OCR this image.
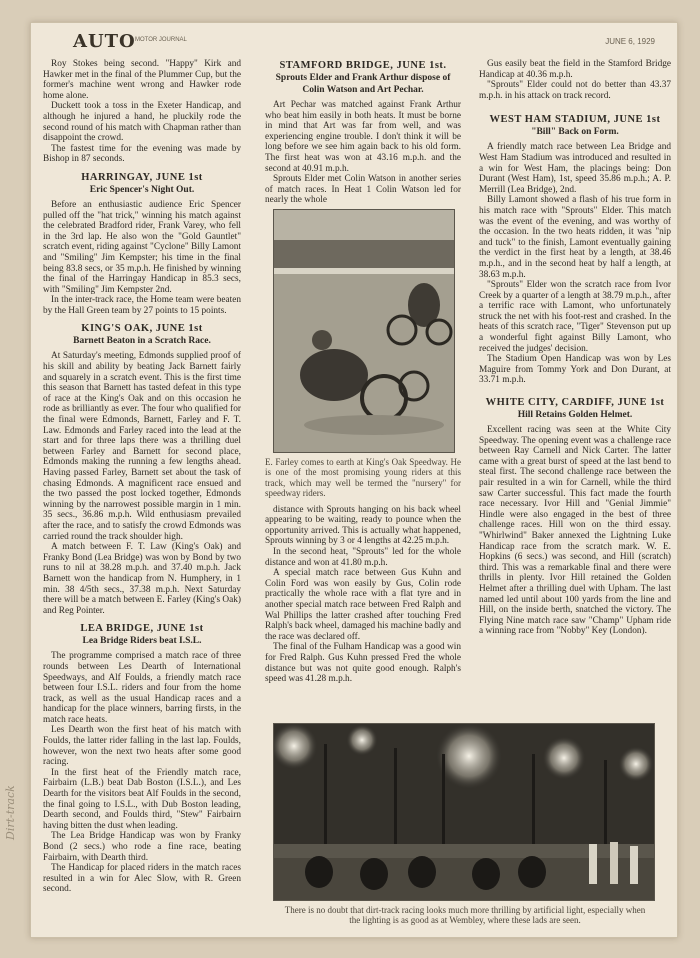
AUTO MOTOR JOURNAL	JUNE 6, 1929

Roy Stokes being second. "Happy" Kirk and Hawker met in the final of the Plummer Cup, but the former's machine went wrong and Hawker rode home alone.

Duckett took a toss in the Exeter Handicap, and although he injured a hand, he pluckily rode the second round of his match with Chapman rather than disappoint the crowd.

The fastest time for the evening was made by Bishop in 87 seconds.

HARRINGAY, JUNE 1st
Eric Spencer's Night Out.

Before an enthusiastic audience Eric Spencer pulled off the "hat trick," winning his match against the celebrated Bradford rider, Frank Varey, who fell in the 3rd lap. He also won the "Gold Gauntlet" scratch event, riding against "Cyclone" Billy Lamont and "Smiling" Jim Kempster; his time in the final being 83.8 secs, or 35 m.p.h. He finished by winning the final of the Harringay Handicap in 85.3 secs, with "Smiling" Jim Kempster 2nd.

In the inter-track race, the Home team were beaten by the Hall Green team by 27 points to 15 points.

KING'S OAK, JUNE 1st
Barnett Beaton in a Scratch Race.

At Saturday's meeting, Edmonds supplied proof of his skill and ability by beating Jack Barnett fairly and squarely in a scratch event. This is the first time this season that Barnett has tasted defeat in this type of race at the King's Oak and on this occasion he rode as brilliantly as ever. The four who qualified for the final were Edmonds, Barnett, Farley and F. T. Law. Edmonds and Farley raced into the lead at the start and for three laps there was a thrilling duel between Farley and Barnett for second place, Edmonds making the running a few lengths ahead. Having passed Farley, Barnett set about the task of chasing Edmonds. A magnificent race ensued and the two passed the post locked together, Edmonds winning by the narrowest possible margin in 1 min. 35 secs., 36.86 m.p.h. Wild enthusiasm prevailed after the race, and to satisfy the crowd Edmonds was carried round the track shoulder high.

A match between F. T. Law (King's Oak) and Franky Bond (Lea Bridge) was won by Bond by two runs to nil at 38.28 m.p.h. and 37.40 m.p.h. Jack Barnett won the handicap from N. Humphery, in 1 min. 38 4/5th secs., 37.38 m.p.h. Next Saturday there will be a match between E. Farley (King's Oak) and Reg Pointer.

LEA BRIDGE, JUNE 1st
Lea Bridge Riders beat I.S.L.

The programme comprised a match race of three rounds between Les Dearth of International Speedways, and Alf Foulds, a friendly match race between four I.S.L. riders and four from the home track, as well as the usual Handicap races and a handicap for the place winners, barring firsts, in the match race heats.

Les Dearth won the first heat of his match with Foulds, the latter rider falling in the last lap. Foulds, however, won the next two heats after some good racing.

In the first heat of the Friendly match race, Fairbairn (L.B.) beat Dab Boston (I.S.L.), and Les Dearth for the visitors beat Alf Foulds in the second, the final going to I.S.L., with Dub Boston leading, Dearth second, and Foulds third, "Stew" Fairbairn having bitten the dust when leading.

The Lea Bridge Handicap was won by Franky Bond (2 secs.) who rode a fine race, beating Fairbairn, with Dearth third.

The Handicap for placed riders in the match races resulted in a win for Alec Slow, with R. Green second.

STAMFORD BRIDGE, JUNE 1st.
Sprouts Elder and Frank Arthur dispose of Colin Watson and Art Pechar.

Art Pechar was matched against Frank Arthur who beat him easily in both heats. It must be borne in mind that Art was far from well, and was experiencing engine trouble. I don't think it will be long before we see him again back to his old form. The first heat was won at 43.16 m.p.h. and the second at 40.91 m.p.h.

Sprouts Elder met Colin Watson in another series of match races. In Heat 1 Colin Watson led for nearly the whole

E. Farley comes to earth at King's Oak Speedway. He is one of the most promising young riders at this track, which may well be termed the "nursery" for speedway riders.

distance with Sprouts hanging on his back wheel appearing to be waiting, ready to pounce when the opportunity arrived. This is actually what happened, Sprouts winning by 3 or 4 lengths at 42.25 m.p.h.

In the second heat, "Sprouts" led for the whole distance and won at 41.80 m.p.h.

A special match race between Gus Kuhn and Colin Ford was won easily by Gus, Colin rode practically the whole race with a flat tyre and in another special match race between Fred Ralph and Wal Phillips the latter crashed after touching Fred Ralph's back wheel, damaged his machine badly and the race was declared off.

The final of the Fulham Handicap was a good win for Fred Ralph. Gus Kuhn pressed Fred the whole distance but was not quite good enough. Ralph's speed was 41.28 m.p.h.

Gus easily beat the field in the Stamford Bridge Handicap at 40.36 m.p.h.

"Sprouts" Elder could not do better than 43.37 m.p.h. in his attack on track record.

WEST HAM STADIUM, JUNE 1st
"Bill" Back on Form.

A friendly match race between Lea Bridge and West Ham Stadium was introduced and resulted in a win for West Ham, the placings being: Don Durant (West Ham), 1st, speed 35.86 m.p.h.; A. P. Merrill (Lea Bridge), 2nd.

Billy Lamont showed a flash of his true form in his match race with "Sprouts" Elder. This match was the event of the evening, and was worthy of the occasion. In the two heats ridden, it was "nip and tuck" to the finish, Lamont eventually gaining the verdict in the first heat by a length, at 38.46 m.p.h., and in the second heat by half a length, at 38.63 m.p.h.

"Sprouts" Elder won the scratch race from Ivor Creek by a quarter of a length at 38.79 m.p.h., after a terrific race with Lamont, who unfortunately struck the net with his foot-rest and crashed. In the heats of this scratch race, "Tiger" Stevenson put up a wonderful fight against Billy Lamont, who received the judges' decision.

The Stadium Open Handicap was won by Les Maguire from Tommy York and Don Durant, at 33.71 m.p.h.

WHITE CITY, CARDIFF, JUNE 1st
Hill Retains Golden Helmet.

Excellent racing was seen at the White City Speedway. The opening event was a challenge race between Ray Carnell and Nick Carter. The latter came with a great burst of speed at the last bend to steal first. The second challenge race between the pair resulted in a win for Carnell, while the third saw Carter successful. This fact made the fourth race necessary. Ivor Hill and "Genial Jimmie" Hindle were also engaged in the best of three challenge races. Hill won on the third essay. "Whirlwind" Baker annexed the Lightning Luke Handicap race from the scratch mark. W. E. Hopkins (6 secs.) was second, and Hill (scratch) third. This was a remarkable final and there were thrills in plenty. Ivor Hill retained the Golden Helmet after a thrilling duel with Upham. The last named led until about 100 yards from the line and Hill, on the inside berth, snatched the victory. The Flying Nine match race saw "Champ" Upham ride a winning race from "Nobby" Key (London).

There is no doubt that dirt-track racing looks much more thrilling by artificial light, especially when the lighting is as good as at Wembley, where these lads are seen.
Dirt-track
